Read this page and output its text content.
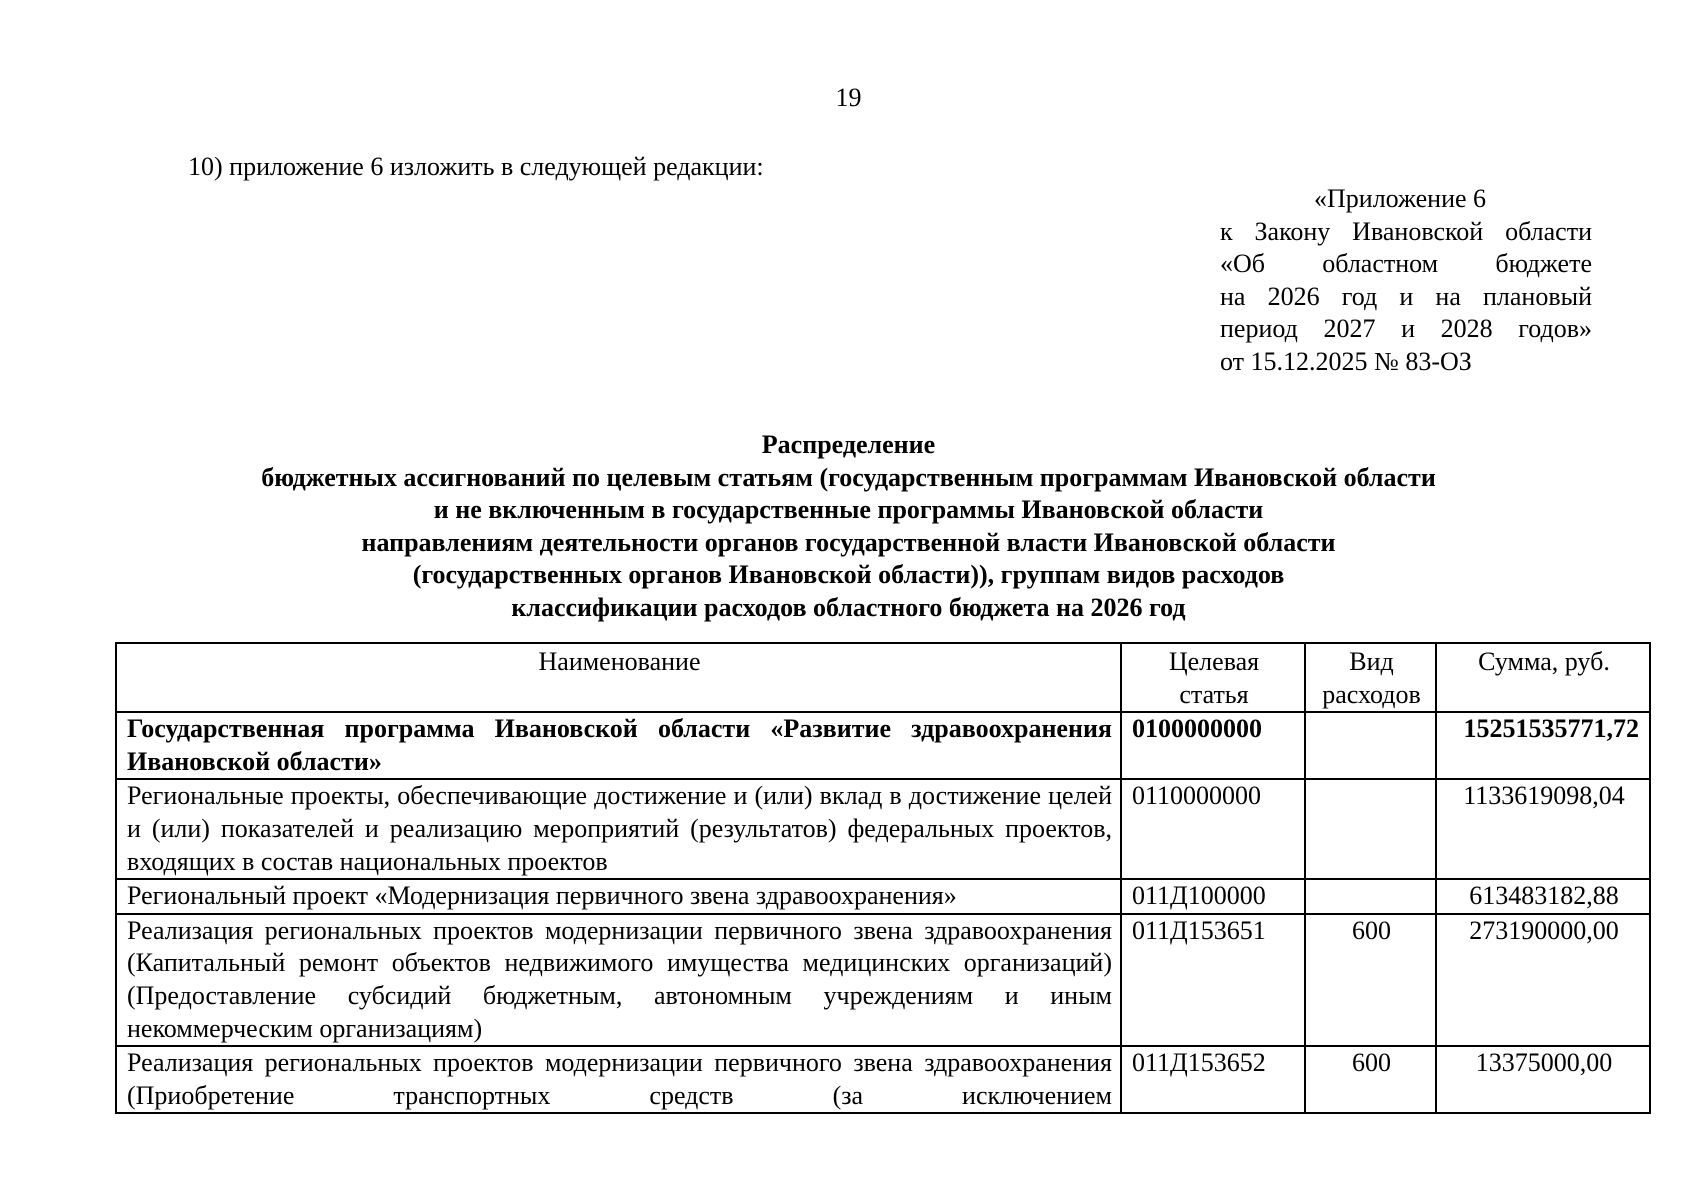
19
10) приложение 6 изложить в следующей редакции:
«Приложение 6
к Закону Ивановской области
«Об областном бюджете
на 2026 год и на плановый
период 2027 и 2028 годов»
от 15.12.2025 № 83-ОЗ
Распределение
бюджетных ассигнований по целевым статьям (государственным программам Ивановской области
и не включенным в государственные программы Ивановской области
направлениям деятельности органов государственной власти Ивановской области
(государственных органов Ивановской области)), группам видов расходов
классификации расходов областного бюджета на 2026 год
Наименование	Целевая статья	Вид расходов	Сумма, руб.
Государственная программа Ивановской области «Развитие здравоохранения Ивановской области»	0100000000		15251535771,72
Региональные проекты, обеспечивающие достижение и (или) вклад в достижение целей и (или) показателей и реализацию мероприятий (результатов) федеральных проектов, входящих в состав национальных проектов	0110000000		1133619098,04
Региональный проект «Модернизация первичного звена здравоохранения»	011Д100000		613483182,88
Реализация региональных проектов модернизации первичного звена здравоохранения (Капитальный ремонт объектов недвижимого имущества медицинских организаций) (Предоставление субсидий бюджетным, автономным учреждениям и иным некоммерческим организациям)	011Д153651	600	273190000,00
Реализация региональных проектов модернизации первичного звена здравоохранения (Приобретение транспортных средств (за исключением	011Д153652	600	13375000,00
